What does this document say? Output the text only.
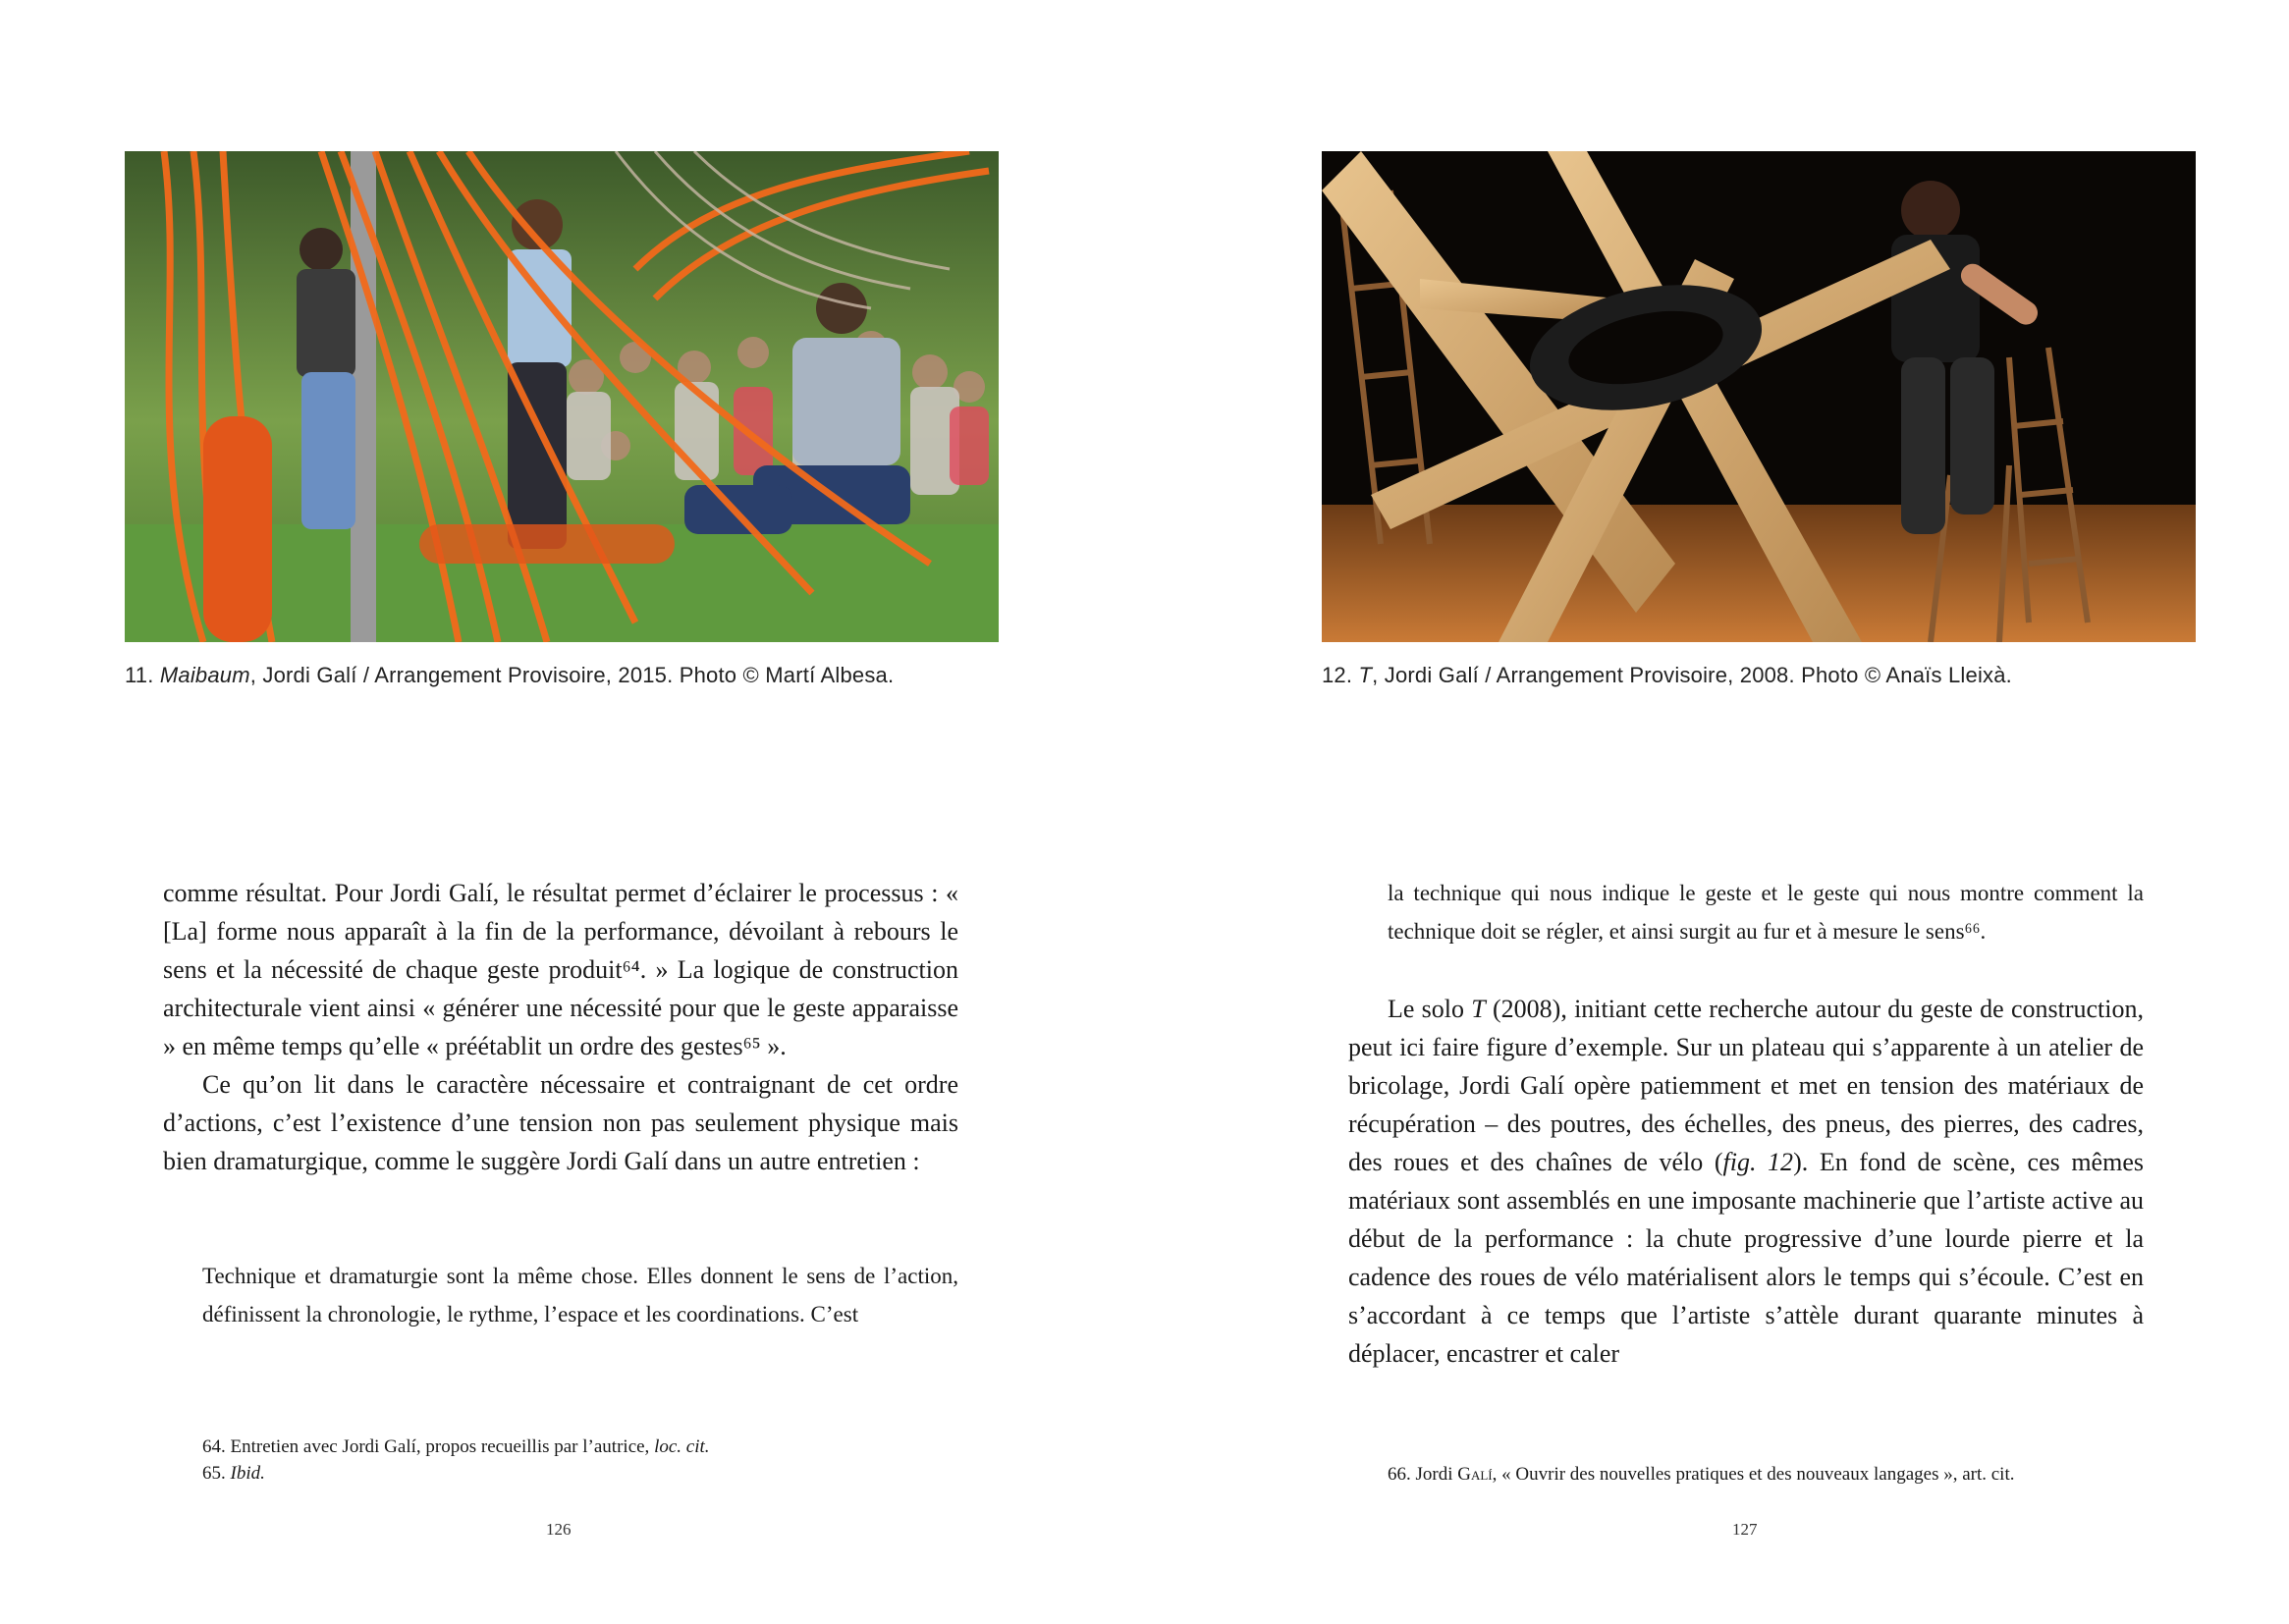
11. Maibaum, Jordi Galí / Arrangement Provisoire, 2015. Photo © Martí Albesa.

comme résultat. Pour Jordi Galí, le résultat permet d’éclairer le processus : « [La] forme nous apparaît à la fin de la performance, dévoilant à rebours le sens et la nécessité de chaque geste produit⁶⁴. » La logique de construction architecturale vient ainsi « générer une nécessité pour que le geste apparaisse » en même temps qu’elle « préétablit un ordre des gestes⁶⁵ ».

Ce qu’on lit dans le caractère nécessaire et contraignant de cet ordre d’actions, c’est l’existence d’une tension non pas seulement physique mais bien dramaturgique, comme le suggère Jordi Galí dans un autre entretien :

Technique et dramaturgie sont la même chose. Elles donnent le sens de l’action, définissent la chronologie, le rythme, l’espace et les coordinations. C’est
64. Entretien avec Jordi Galí, propos recueillis par l’autrice, loc. cit.
65. Ibid.
126
12. T, Jordi Galí / Arrangement Provisoire, 2008. Photo © Anaïs Lleixà.
la technique qui nous indique le geste et le geste qui nous montre comment la technique doit se régler, et ainsi surgit au fur et à mesure le sens⁶⁶.

Le solo T (2008), initiant cette recherche autour du geste de construction, peut ici faire figure d’exemple. Sur un plateau qui s’apparente à un atelier de bricolage, Jordi Galí opère patiemment et met en tension des matériaux de récupération – des poutres, des échelles, des pneus, des pierres, des cadres, des roues et des chaînes de vélo (fig. 12). En fond de scène, ces mêmes matériaux sont assemblés en une imposante machinerie que l’artiste active au début de la performance : la chute progressive d’une lourde pierre et la cadence des roues de vélo matérialisent alors le temps qui s’écoule. C’est en s’accordant à ce temps que l’artiste s’attèle durant quarante minutes à déplacer, encastrer et caler

66. Jordi Galí, « Ouvrir des nouvelles pratiques et des nouveaux langages », art. cit.
127
